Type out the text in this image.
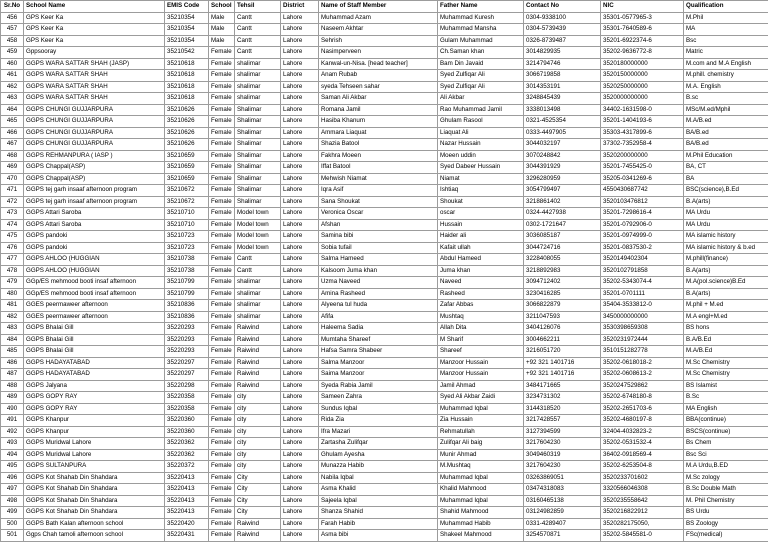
Sr.No	School Name	EMIS Code	School	Tehsil	District	Name of Staff Member	Father Name	Contact No	NIC	Qualification
456	GPS Keer Ka	35210354	Male	Cantt	Lahore	Muhammad Azam	Muhammad Kuresh	0304-9338100	35301-0577965-3	M.Phil
457	GPS Keer Ka	35210354	Male	Cantt	Lahore	Naseem Akhtar	Muhammad Mansha	0304-5739439	35301-7640589-6	MA
458	GPS Keer Ka	35210354	Male	Cantt	Lahore	Sehrish	Gulam Muhammad	0326-8739487	35201-6922374-6	Bsc
459	Gppsooray	35210542	Female	Cantt	Lahore	Nasimperveen	Ch.Saman khan	3014829935	35202-9636772-8	Matric
460	GGPS WARA SATTAR SHAH (JASP)	35210618	Female	shalimar	Lahore	Kanwal-un-Nisa. [head teacher]	Bam Din Javaid	3214794746	3520180000000	M.com and M.A English
461	GGPS WARA SATTAR SHAH	35210618	Female	shalimar	Lahore	Anam Rubab	Syed Zulfiqar Ali	3066719858	3520150000000	M.phill. chemistry
462	GGPS WARA SATTAR SHAH	35210618	Female	shalimar	Lahore	syeda Tehseen sahar	Syed Zulfiqar Ali	3014353191	3520250000000	M.A. English
463	GGPS WARA SATTAR SHAH	35210618	Female	shalimar	Lahore	Saman Ali Akbar	Ali Akbar	3248845439	3520000000000	B.sc
464	GGPS CHUNGI GUJJARPURA	35210626	Female	Shalimar	Lahore	Romana Jamil	Rao Muhammad Jamil	3338013498	34402-1631598-0	MSc/M.ed/Mphil
465	GGPS CHUNGI GUJJARPURA	35210626	Female	Shalimar	Lahore	Hasiba Khanum	Ghulam Rasool	0321-4525354	35201-1404193-6	M.A/B.ed
466	GGPS CHUNGI GUJJARPURA	35210626	Female	Shalimar	Lahore	Ammara Liaquat	Liaquat Ali	0333-4497905	35303-4317899-6	BA/B.ed
467	GGPS CHUNGI GUJJARPURA	35210626	Female	Shalimar	Lahore	Shazia Batool	Nazar Hussain	3044032197	37302-7352958-4	BA/B.ed
468	GGPS REHMANPURA ( IASP )	35210659	Female	Shalimar	Lahore	Fakhra Moeen	Moeen uddin	3070248842	3520200000000	M.Phil Education
469	GGPS Chappal(ASP)	35210659	Female	Shalimar	Lahore	Iffat Batool	Syed Dabeer Hussain	3044391929	35201-7455425-0	BA, CT
470	GGPS Chappal(ASP)	35210659	Female	Shalimar	Lahore	Mehwish Niamat	Niamat	3296280959	35205-0341269-6	BA
471	GGPS tej garh insaaf afternoon program	35210672	Female	Shalimar	Lahore	Iqra Asif	Ishtiaq	3054799497	4550430687742	BSC(science),B.Ed
472	GGPS tej garh insaaf afternoon program	35210672	Female	Shalimar	Lahore	Sana Shoukat	Shoukat	3218861402	3520103476812	B.A(arts)
473	GGPS Attari Saroba	35210710	Female	Model town	Lahore	Veronica Oscar	oscar	0324-4427938	35201-7298616-4	MA Urdu
474	GGPS Attari Saroba	35210710	Female	Model town	Lahore	Afshan	Hussain	0302-1721647	35201-0792906-0	MA Urdu
475	GGPS pandoki	35210723	Female	Model town	Lahore	Samina bibi	Haider ali	3036085187	35201-0974999-0	MA islamic history
476	GGPS pandoki	35210723	Female	Model town	Lahore	Sobia tufail	Kafait ullah	3044724716	35201-0837530-2	MA islamic history & b.ed
477	GGPS AHLOO (HUGGIAN	35210738	Female	Cantt	Lahore	Salma Hameed	Abdul Hameed	3228408055	3520149402304	M.phill(finance)
478	GGPS AHLOO (HUGGIAN	35210738	Female	Cantt	Lahore	Kalsoom Juma khan	Juma khan	3218892983	3520102791858	B.A(arts)
479	GGp/ES mehmood booti insaf afternoon	35210799	Female	shalimar	Lahore	Uzma Naveed	Naveed	3094712402	35202-5343074-4	M.A(pol.science)B.Ed
480	GGp/ES mehmood booti insaf afternoon	35210799	Female	shalimar	Lahore	Amina Rasheed	Rasheed	3230416285	35201-0701111	B.A(arts)
481	GGES peermaweer afternoon	35210836	Female	shalimar	Lahore	Alyeena tul huda	Zafar Abbas	3066822879	35404-3533812-0	M.phil + M.ed
482	GGES peermaweer afternoon	35210836	Female	shalimar	Lahore	Afifa	Mushtaq	3211047593	3450000000000	M.A engl+M.ed
483	GGPS Bhalai Gill	35220293	Female	Raiwind	Lahore	Haleema Sadia	Allah Dita	3404126076	3530398659308	BS hons
484	GGPS Bhalai Gill	35220293	Female	Raiwind	Lahore	Mumtaha Shareef	M Sharif	3004662211	3520231972444	B.A/B.Ed
485	GGPS Bhalai Gill	35220293	Female	Raiwind	Lahore	Hafsa Samra Shabeer	Shareef	3216051720	3510151282778	M.A/B.Ed
486	GGPS HADAYATABAD	35220297	Female	Raiwind	Lahore	Salma Manzoor	Manzoor Hussain	+92 321 1401716	35202-0618018-2	M.Sc Chemistry
487	GGPS HADAYATABAD	35220297	Female	Raiwind	Lahore	Saima Manzoor	Manzoor Hussain	+92 321 1401716	35202-0608613-2	M.Sc Chemistry
488	GGPS Jalyana	35220298	Female	Raiwind	Lahore	Syeda Rabia Jamil	Jamil Ahmad	3484171665	3520247529862	BS Islamist
489	GGPS GOPY RAY	35220358	Female	city	Lahore	Sameen Zahra	Syed Ali Akbar Zaidi	3234731302	35202-6748180-8	B.Sc
490	GGPS GOPY RAY	35220358	Female	city	Lahore	Sundus Iqbal	Muhammad Iqbal	3144318520	35202-2651703-6	MA English
491	GGPS Khanpur	35220360	Female	city	Lahore	Rida Zia	Zia Hussain	3217428557	35202-4680197-8	BBA(continue)
492	GGPS Khanpur	35220360	Female	city	Lahore	Ifra Mazari	Rehmatullah	3127394599	32404-4032823-2	BSCS(continue)
493	GGPS Muridwal Lahore	35220362	Female	city	Lahore	Zartasha Zulifqar	Zulifqar Ali baig	3217604230	35202-0531532-4	Bs Chem
494	GGPS Muridwal Lahore	35220362	Female	city	Lahore	Ghulam Ayesha	Munir Ahmad	3049460319	36402-0918569-4	Bsc Sci
495	GGPS SULTANPURA	35220372	Female	city	Lahore	Munazza Habib	M.Mushtaq	3217604230	35202-6253504-8	M.A Urdu,B.ED
496	GGPS Kot Shahab Din Shahdara	35220413	Female	City	Lahore	Nabila Iqbal	Muhammad Iqbal	03263869051	3520233701602	M.Sc zology
497	GGPS Kot Shahab Din Shahdara	35220413	Female	City	Lahore	Asma Khalid	Khalid Mahmood	03474318083	3320566046308	B.Sc Double Math
498	GGPS Kot Shahab Din Shahdara	35220413	Female	City	Lahore	Sajeela Iqbal	Muhammad Iqbal	03160465138	3520235558642	M. Phil Chemistry
499	GGPS Kot Shahab Din Shahdara	35220413	Female	City	Lahore	Shanza Shahid	Shahid Mahmood	03124982859	3520216822912	BS Urdu
500	GGPS Bath Kalan afternoon school	35220420	Female	Raiwind	Lahore	Farah Habib	Muhammad Habib	0331-4289407	3520282175050,	BS Zoology
501	Ggps Chah tamoli afternoon school	35220431	Female	Raiwind	Lahore	Asma bibi	Shakeel Mahmood	3254570871	35202-5845581-0	FSc(medical)
